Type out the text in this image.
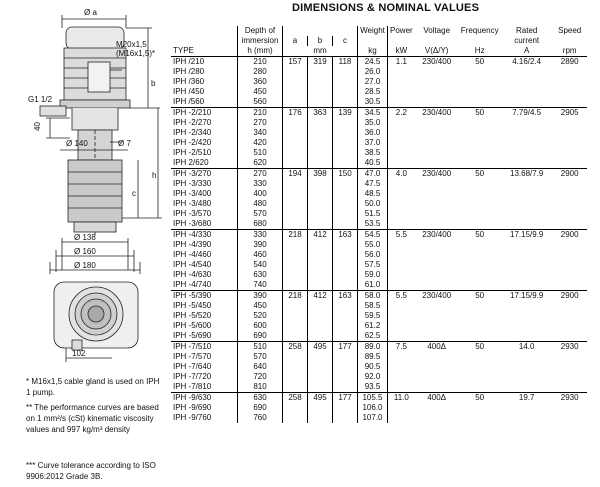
DIMENSIONS & NOMINAL VALUES
Ø a
M20x1,5
(M16x1,5)*
b
G1 1/2
40
Ø 140	Ø 7
h
c
Ø 138
Ø 160
Ø 180
102
* M16x1,5 cable gland is used on IPH 1 pump.
** The performance curves are based on 1 mm²/s (cSt) kinematic viscosity values and 997 kg/m³ density
*** Curve tolerance according to ISO 9906:2012 Grade 3B.
	Depth of				Weight	Power	Voltage	Frequency	Rated	Speed
	immersion	a	b	c					current	
TYPE	h (mm)		mm		kg	kW	V(Δ/Y)	Hz	A	rpm
IPH /210	210	157	319	118	24.5	1.1	230/400	50	4.16/2.4	2890
IPH /280	280				26.0					
IPH /360	360				27.0					
IPH /450	450				28.5					
IPH /560	560				30.5					
IPH -2/210	210	176	363	139	34.5	2.2	230/400	50	7.79/4.5	2905
IPH -2/270	270				35.0					
IPH -2/340	340				36.0					
IPH -2/420	420				37.0					
IPH -2/510	510				38.5					
IPH 2/620	620				40.5					
IPH -3/270	270	194	398	150	47.0	4.0	230/400	50	13.68/7.9	2900
IPH -3/330	330				47.5					
IPH -3/400	400				48.5					
IPH -3/480	480				50.0					
IPH -3/570	570				51.5					
IPH -3/680	680				53.5					
IPH -4/330	330	218	412	163	54.5	5.5	230/400	50	17.15/9.9	2900
IPH -4/390	390				55.0					
IPH -4/460	460				56.0					
IPH -4/540	540				57.5					
IPH -4/630	630				59.0					
IPH -4/740	740				61.0					
IPH -5/390	390	218	412	163	58.0	5.5	230/400	50	17.15/9.9	2900
IPH -5/450	450				58.5					
IPH -5/520	520				59.5					
IPH -5/600	600				61.2					
IPH -5/690	690				62.5					
IPH -7/510	510	258	495	177	89.0	7.5	400Δ	50	14.0	2930
IPH -7/570	570				89.5					
IPH -7/640	640				90.5					
IPH -7/720	720				92.0					
IPH -7/810	810				93.5					
IPH -9/630	630	258	495	177	105.5	11.0	400Δ	50	19.7	2930
IPH -9/690	690				106.0					
IPH -9/760	760				107.0					
